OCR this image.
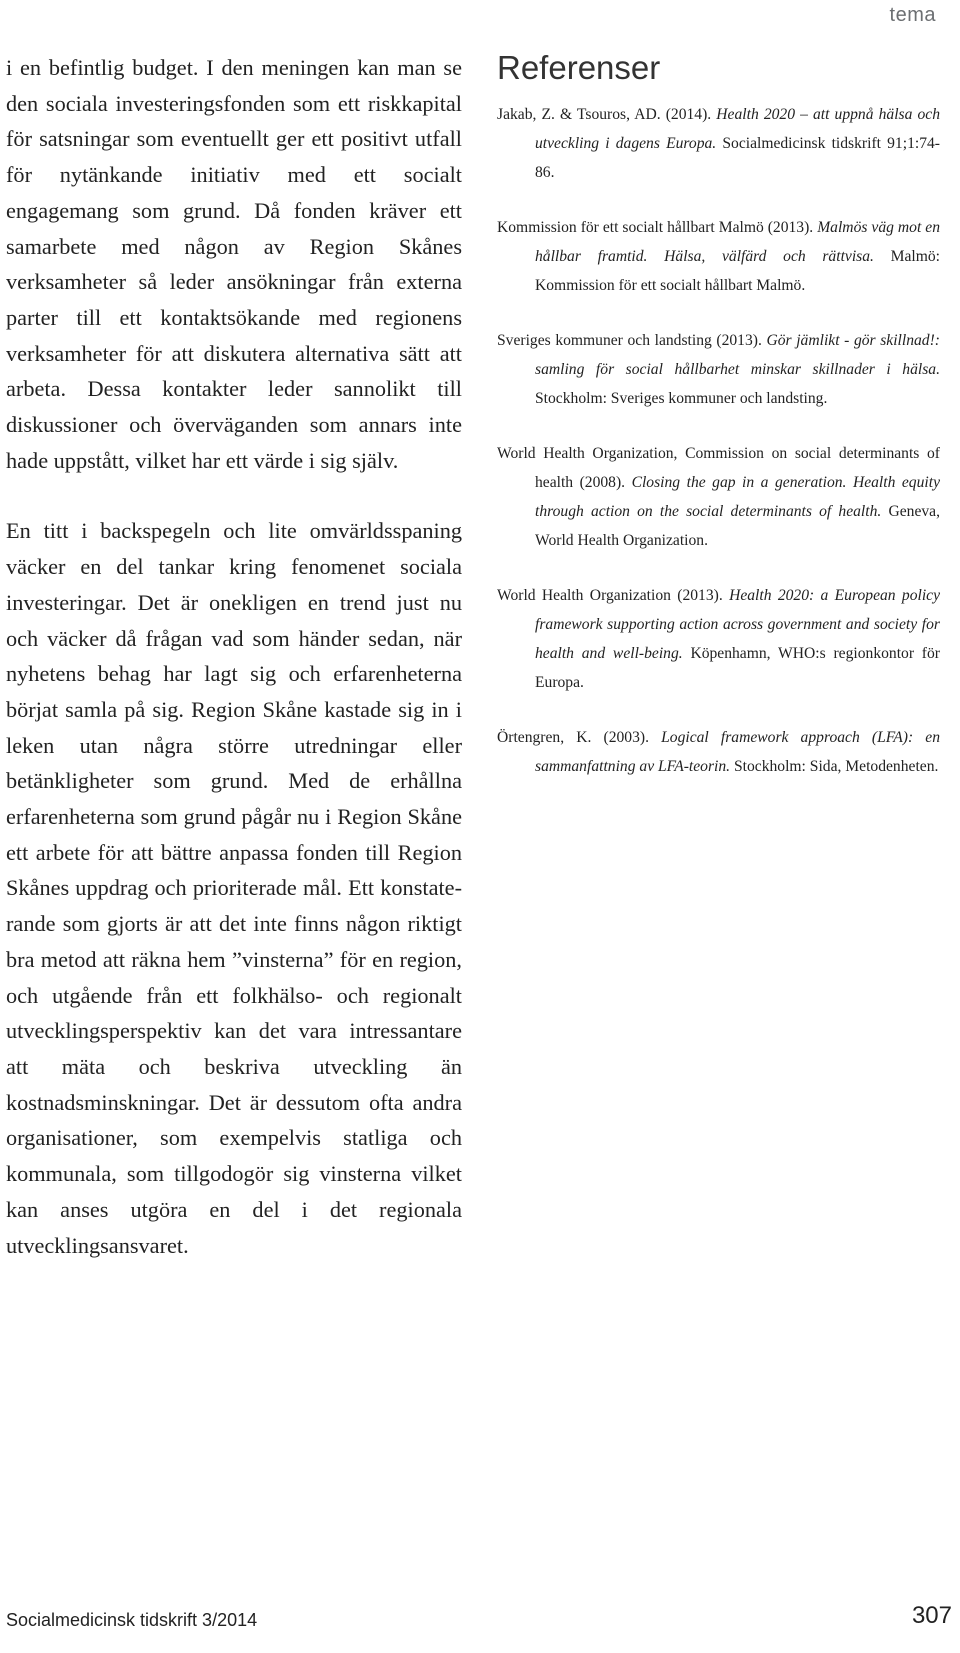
tema

i en befintlig budget. I den meningen kan man se den sociala investeringsfonden som ett riskkapital för satsningar som eventuellt ger ett positivt utfall för nytänkande initiativ med ett socialt engagemang som grund. Då fonden kräver ett samarbete med någon av Region Skånes verksamheter så leder ansökningar från externa parter till ett kontaktsökande med regionens verksamheter för att diskutera alternativa sätt att arbeta. Dessa kontakter leder sannolikt till diskussioner och överväganden som annars inte hade uppstått, vilket har ett värde i sig själv.

En titt i backspegeln och lite omvärldsspaning väcker en del tankar kring fenomenet sociala investeringar. Det är onekligen en trend just nu och väcker då frågan vad som händer sedan, när nyhetens behag har lagt sig och erfarenheterna börjat samla på sig. Region Skåne kastade sig in i leken utan några större utredningar eller betänkligheter som grund. Med de erhållna erfarenheterna som grund pågår nu i Region Skåne ett arbete för att bättre anpassa fonden till Region Skånes uppdrag och prioriterade mål. Ett konstaterande som gjorts är att det inte finns någon riktigt bra metod att räkna hem ”vinsterna” för en region, och utgående från ett folkhälso- och regionalt utvecklingsperspektiv kan det vara intressantare att mäta och beskriva utveckling än kostnadsminskningar. Det är dessutom ofta andra organisationer, som exempelvis statliga och kommunala, som tillgodogör sig vinsterna vilket kan anses utgöra en del i det regionala utvecklingsansvaret.

Referenser

Jakab, Z. & Tsouros, AD. (2014). Health 2020 – att uppnå hälsa och utveckling i dagens Europa. Socialmedicinsk tidskrift 91;1:74-86.

Kommission för ett socialt hållbart Malmö (2013). Malmös väg mot en hållbar framtid. Hälsa, välfärd och rättvisa. Malmö: Kommission för ett socialt hållbart Malmö.

Sveriges kommuner och landsting (2013). Gör jämlikt - gör skillnad!: samling för social hållbarhet minskar skillnader i hälsa. Stockholm: Sveriges kommuner och landsting.

World Health Organization, Commission on social determinants of health (2008). Closing the gap in a generation. Health equity through action on the social determinants of health. Geneva, World Health Organization.

World Health Organization (2013). Health 2020: a European policy framework supporting action across government and society for health and well-being. Köpenhamn, WHO:s regionkontor för Europa.

Örtengren, K. (2003). Logical framework approach (LFA): en sammanfattning av LFA-teorin. Stockholm: Sida, Metodenheten.

Socialmedicinsk tidskrift 3/2014	307
